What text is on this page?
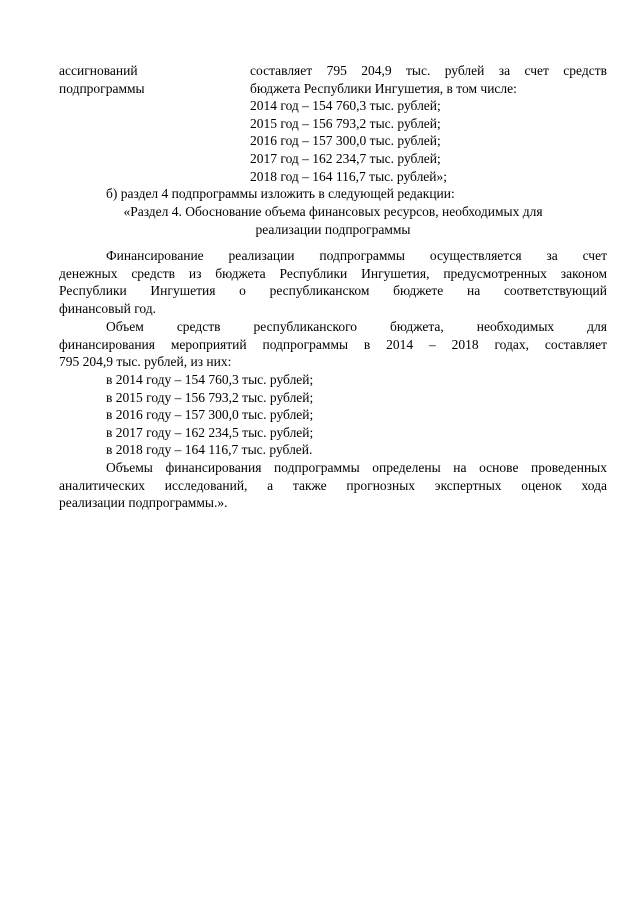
ассигнований
подпрограммы
составляет 795 204,9 тыс. рублей за счет средств
бюджета Республики Ингушетия, в том числе:
2014 год – 154 760,3 тыс. рублей;
2015 год – 156 793,2 тыс. рублей;
2016 год – 157 300,0 тыс. рублей;
2017 год – 162 234,7 тыс. рублей;
2018 год – 164 116,7 тыс. рублей»;
б) раздел 4 подпрограммы изложить в следующей редакции:
«Раздел 4. Обоснование объема финансовых ресурсов, необходимых для
реализации подпрограммы
Финансирование реализации подпрограммы осуществляется за счет
денежных средств из бюджета Республики Ингушетия, предусмотренных законом
Республики Ингушетия о республиканском бюджете на соответствующий
финансовый год.
Объем средств республиканского бюджета, необходимых для
финансирования мероприятий подпрограммы в 2014 – 2018 годах, составляет
795 204,9 тыс. рублей, из них:
в 2014 году – 154 760,3 тыс. рублей;
в 2015 году – 156 793,2 тыс. рублей;
в 2016 году – 157 300,0 тыс. рублей;
в 2017 году – 162 234,5 тыс. рублей;
в 2018 году – 164 116,7 тыс. рублей.
Объемы финансирования подпрограммы определены на основе проведенных
аналитических исследований, а также прогнозных экспертных оценок хода
реализации подпрограммы.».
